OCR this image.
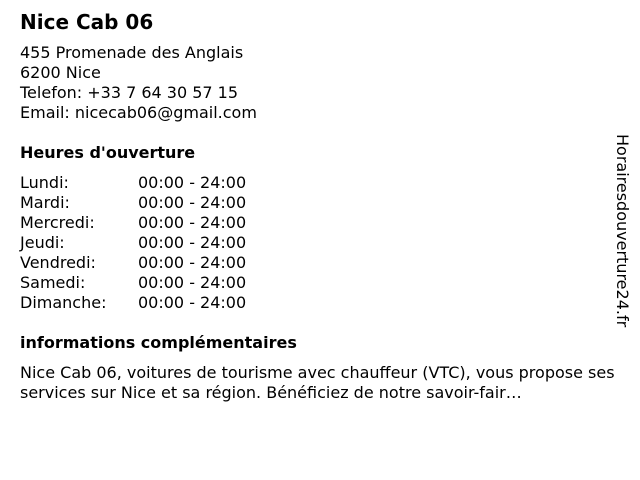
Nice Cab 06
455 Promenade des Anglais
6200 Nice
Telefon: +33 7 64 30 57 15
Email: nicecab06@gmail.com
Heures d'ouverture
Lundi:	00:00 - 24:00
Mardi:	00:00 - 24:00
Mercredi:	00:00 - 24:00
Jeudi:	00:00 - 24:00
Vendredi:	00:00 - 24:00
Samedi:	00:00 - 24:00
Dimanche:	00:00 - 24:00
informations complémentaires
Nice Cab 06, voitures de tourisme avec chauffeur (VTC), vous propose ses services sur Nice et sa région. Bénéficiez de notre savoir-fair…
Horairesdouverture24.fr
